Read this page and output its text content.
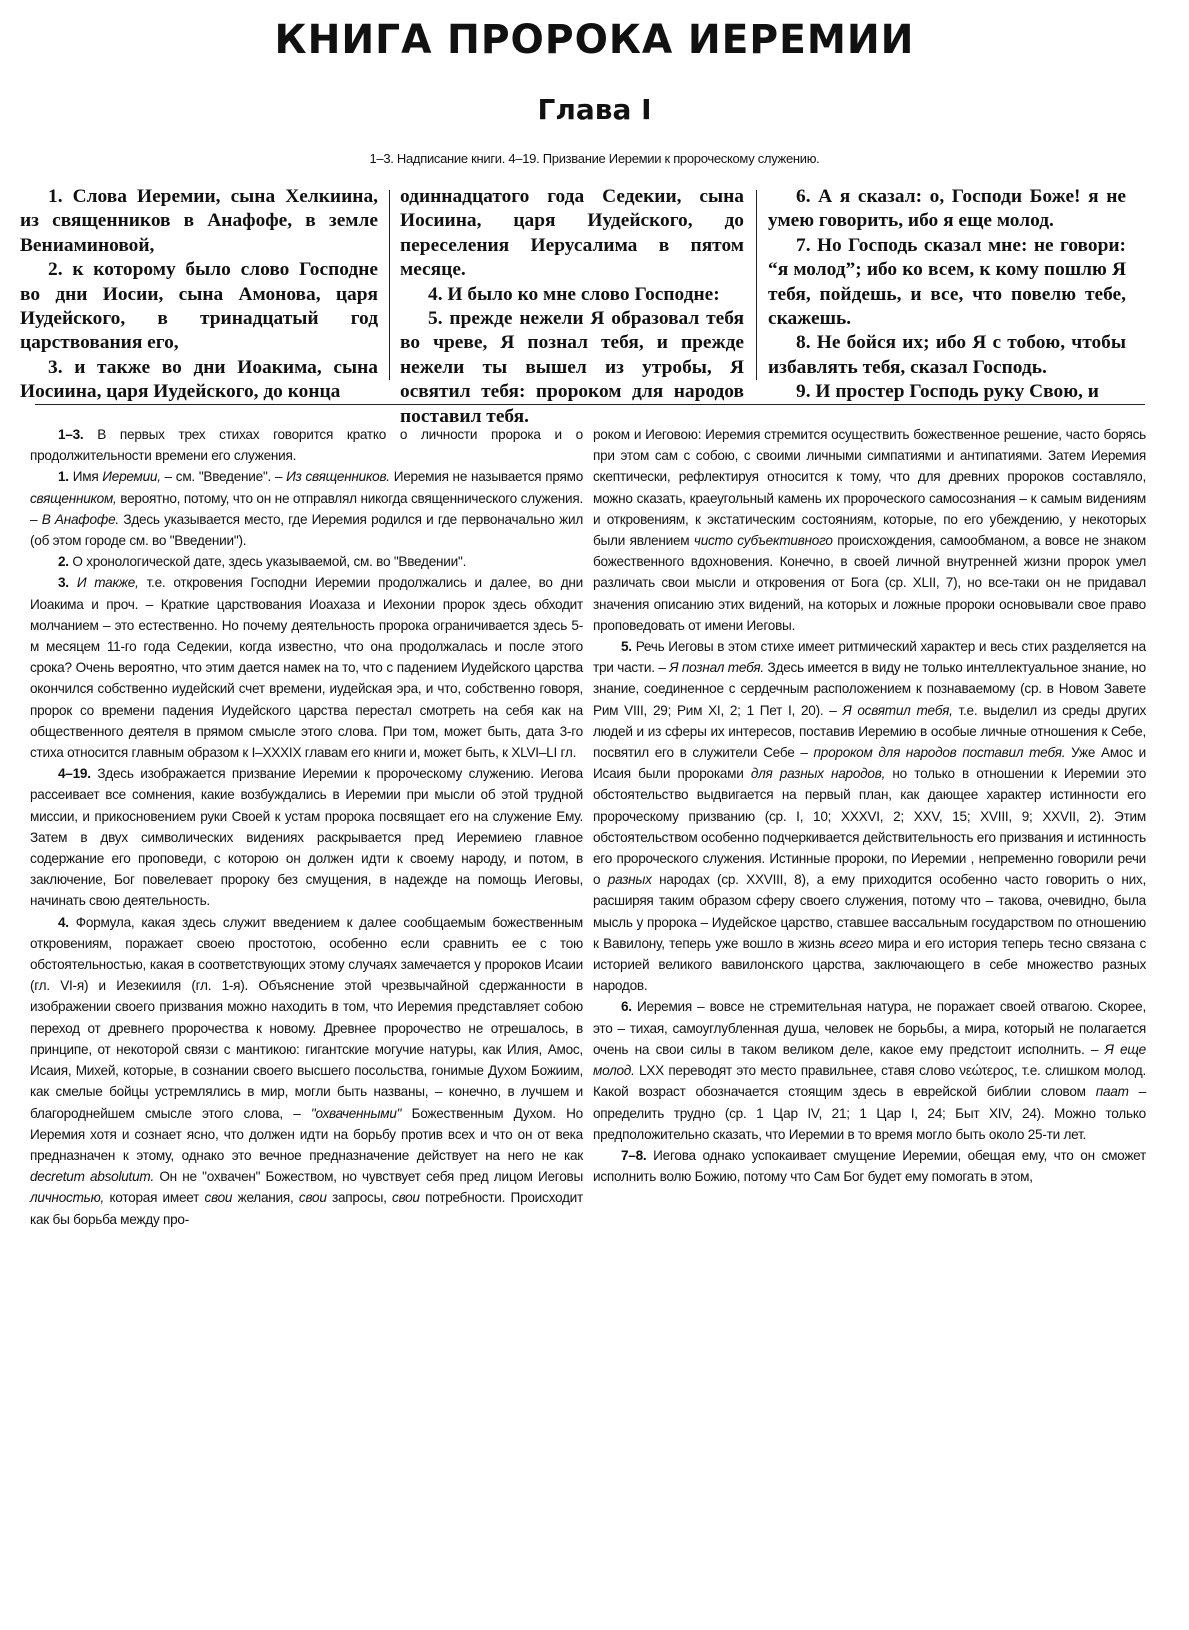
КНИГА ПРОРОКА ИЕРЕМИИ
Глава I
1–3. Надписание книги. 4–19. Призвание Иеремии к пророческому служению.

1. Слова Иеремии, сына Хелкиина, из священников в Анафофе, в земле Вениаминовой,

2. к которому было слово Господне во дни Иосии, сына Амонова, царя Иудейского, в тринадцатый год царствования его,

3. и также во дни Иоакима, сына Иосиина, царя Иудейского, до конца

одиннадцатого года Седекии, сына Иосиина, царя Иудейского, до переселения Иерусалима в пятом месяце.

4. И было ко мне слово Господне:

5. прежде нежели Я образовал тебя во чреве, Я познал тебя, и прежде нежели ты вышел из утробы, Я освятил тебя: пророком для народов поставил тебя.

6. А я сказал: о, Господи Боже! я не умею говорить, ибо я еще молод.

7. Но Господь сказал мне: не говори: “я молод”; ибо ко всем, к кому пошлю Я тебя, пойдешь, и все, что повелю тебе, скажешь.

8. Не бойся их; ибо Я с тобою, чтобы избавлять тебя, сказал Господь.

9. И простер Господь руку Свою, и

1–3. В первых трех стихах говорится кратко о личности пророка и о продолжительности времени его служения.

1. Имя Иеремии, – см. "Введение". – Из священников. Иеремия не называется прямо священником, вероятно, потому, что он не отправлял никогда священнического служения. – В Анафофе. Здесь указывается место, где Иеремия родился и где первоначально жил (об этом городе см. во "Введении").

2. О хронологической дате, здесь указываемой, см. во "Введении".

3. И также, т.е. откровения Господни Иеремии продолжались и далее, во дни Иоакима и проч. – Краткие царствования Иоахаза и Иехонии пророк здесь обходит молчанием – это естественно. Но почему деятельность пророка ограничивается здесь 5-м месяцем 11-го года Седекии, когда известно, что она продолжалась и после этого срока? Очень вероятно, что этим дается намек на то, что с падением Иудейского царства окончился собственно иудейский счет времени, иудейская эра, и что, собственно говоря, пророк со времени падения Иудейского царства перестал смотреть на себя как на общественного деятеля в прямом смысле этого слова. При том, может быть, дата 3-го стиха относится главным образом к I–XXXIX главам его книги и, может быть, к XLVI–LI гл.

4–19. Здесь изображается призвание Иеремии к пророческому служению. Иегова рассеивает все сомнения, какие возбуждались в Иеремии при мысли об этой трудной миссии, и прикосновением руки Своей к устам пророка посвящает его на служение Ему. Затем в двух символических видениях раскрывается пред Иеремиею главное содержание его проповеди, с которою он должен идти к своему народу, и потом, в заключение, Бог повелевает пророку без смущения, в надежде на помощь Иеговы, начинать свою деятельность.

4. Формула, какая здесь служит введением к далее сообщаемым божественным откровениям, поражает своею простотою, особенно если сравнить ее с тою обстоятельностью, какая в соответствующих этому случаях замечается у пророков Исаии (гл. VI-я) и Иезекииля (гл. 1-я). Объяснение этой чрезвычайной сдержанности в изображении своего призвания можно находить в том, что Иеремия представляет собою переход от древнего пророчества к новому. Древнее пророчество не отрешалось, в принципе, от некоторой связи с мантикою: гигантские могучие натуры, как Илия, Амос, Исаия, Михей, которые, в сознании своего высшего посольства, гонимые Духом Божиим, как смелые бойцы устремлялись в мир, могли быть названы, – конечно, в лучшем и благороднейшем смысле этого слова, – "охваченными" Божественным Духом. Но Иеремия хотя и сознает ясно, что должен идти на борьбу против всех и что он от века предназначен к этому, однако это вечное предназначение действует на него не как decretum absolutum. Он не "охвачен" Божеством, но чувствует себя пред лицом Иеговы личностью, которая имеет свои желания, свои запросы, свои потребности. Происходит как бы борьба между про-

роком и Иеговою: Иеремия стремится осуществить божественное решение, часто борясь при этом сам с собою, с своими личными симпатиями и антипатиями. Затем Иеремия скептически, рефлектируя относится к тому, что для древних пророков составляло, можно сказать, краеугольный камень их пророческого самосознания – к самым видениям и откровениям, к экстатическим состояниям, которые, по его убеждению, у некоторых были явлением чисто субъективного происхождения, самообманом, а вовсе не знаком божественного вдохновения. Конечно, в своей личной внутренней жизни пророк умел различать свои мысли и откровения от Бога (ср. XLII, 7), но все-таки он не придавал значения описанию этих видений, на которых и ложные пророки основывали свое право проповедовать от имени Иеговы.

5. Речь Иеговы в этом стихе имеет ритмический характер и весь стих разделяется на три части. – Я познал тебя. Здесь имеется в виду не только интеллектуальное знание, но знание, соединенное с сердечным расположением к познаваемому (ср. в Новом Завете Рим VIII, 29; Рим XI, 2; 1 Пет I, 20). – Я освятил тебя, т.е. выделил из среды других людей и из сферы их интересов, поставив Иеремию в особые личные отношения к Себе, посвятил его в служители Себе – пророком для народов поставил тебя. Уже Амос и Исаия были пророками для разных народов, но только в отношении к Иеремии это обстоятельство выдвигается на первый план, как дающее характер истинности его пророческому призванию (ср. I, 10; XXXVI, 2; XXV, 15; XVIII, 9; XXVII, 2). Этим обстоятельством особенно подчеркивается действительность его призвания и истинность его пророческого служения. Истинные пророки, по Иеремии , непременно говорили речи о разных народах (ср. XXVIII, 8), а ему приходится особенно часто говорить о них, расширяя таким образом сферу своего служения, потому что – такова, очевидно, была мысль у пророка – Иудейское царство, ставшее вассальным государством по отношению к Вавилону, теперь уже вошло в жизнь всего мира и его история теперь тесно связана с историей великого вавилонского царства, заключающего в себе множество разных народов.

6. Иеремия – вовсе не стремительная натура, не поражает своей отвагою. Скорее, это – тихая, самоуглубленная душа, человек не борьбы, а мира, который не полагается очень на свои силы в таком великом деле, какое ему предстоит исполнить. – Я еще молод. LXX переводят это место правильнее, ставя слово νεώτερος, т.е. слишком молод. Какой возраст обозначается стоящим здесь в еврейской библии словом паат – определить трудно (ср. 1 Цар IV, 21; 1 Цар I, 24; Быт XIV, 24). Можно только предположительно сказать, что Иеремии в то время могло быть около 25-ти лет.

7–8. Иегова однако успокаивает смущение Иеремии, обещая ему, что он сможет исполнить волю Божию, потому что Сам Бог будет ему помогать в этом,
